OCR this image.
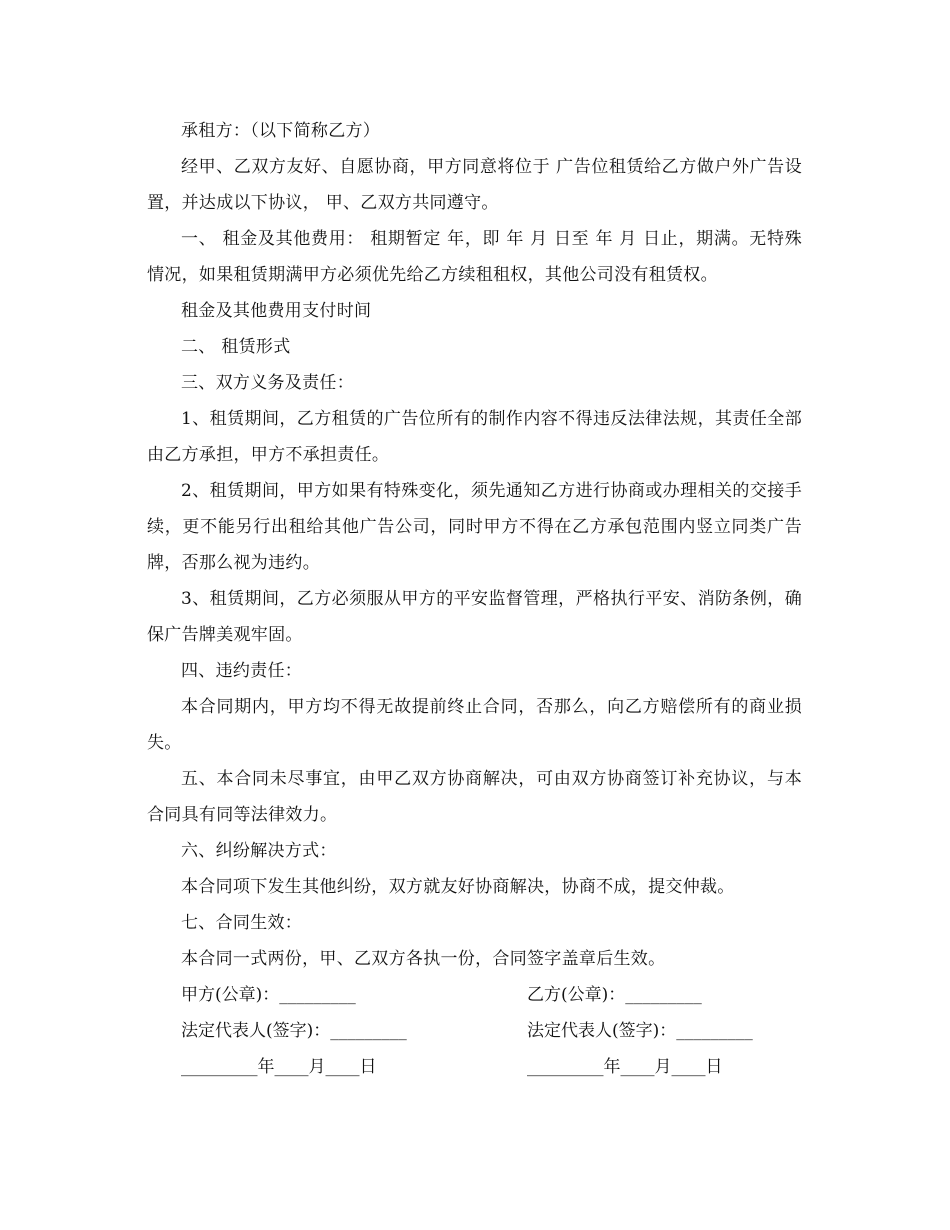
承租方：（以下简称乙方）

经甲、乙双方友好、自愿协商，甲方同意将位于 广告位租赁给乙方做户外广告设置，并达成以下协议， 甲、乙双方共同遵守。

一、 租金及其他费用： 租期暂定 年，即 年 月 日至 年 月 日止，期满。无特殊情况，如果租赁期满甲方必须优先给乙方续租租权，其他公司没有租赁权。

租金及其他费用支付时间

二、 租赁形式

三、双方义务及责任：

1、租赁期间，乙方租赁的广告位所有的制作内容不得违反法律法规，其责任全部由乙方承担，甲方不承担责任。

2、租赁期间，甲方如果有特殊变化，须先通知乙方进行协商或办理相关的交接手续，更不能另行出租给其他广告公司，同时甲方不得在乙方承包范围内竖立同类广告牌，否那么视为违约。

3、租赁期间，乙方必须服从甲方的平安监督管理，严格执行平安、消防条例，确保广告牌美观牢固。

四、违约责任：

本合同期内，甲方均不得无故提前终止合同，否那么，向乙方赔偿所有的商业损失。

五、本合同未尽事宜，由甲乙双方协商解决，可由双方协商签订补充协议，与本合同具有同等法律效力。

六、纠纷解决方式：

本合同项下发生其他纠纷，双方就友好协商解决，协商不成，提交仲裁。

七、合同生效：

本合同一式两份，甲、乙双方各执一份，合同签字盖章后生效。

甲方(公章)：_________	乙方(公章)：_________
法定代表人(签字)：_________	法定代表人(签字)：_________
_________年____月____日	_________年____月____日
